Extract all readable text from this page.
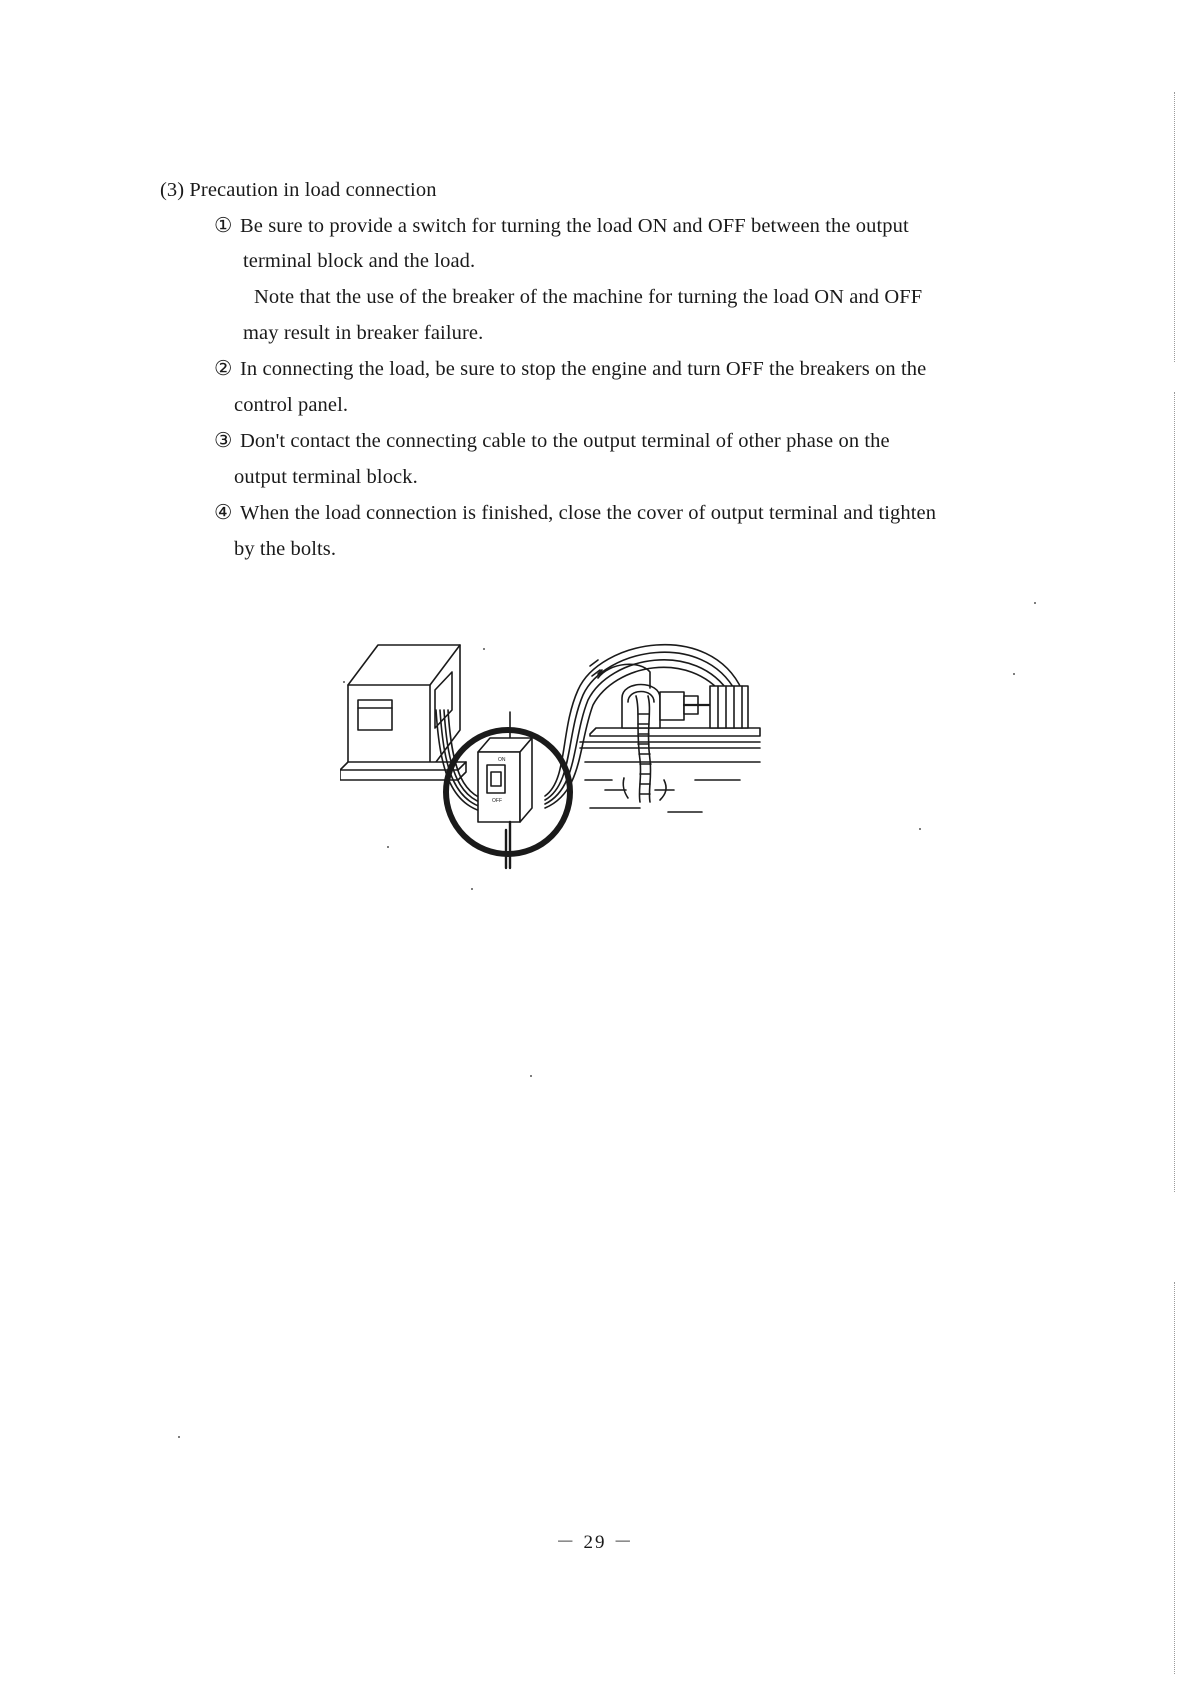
(3) Precaution in load connection
① Be sure to provide a switch for turning the load ON and OFF between the output
terminal block and the load.
Note that the use of the breaker of the machine for turning the load ON and OFF
may result in breaker failure.
② In connecting the load, be sure to stop the engine and turn OFF the breakers on the
control panel.
③ Don't contact the connecting cable to the output terminal of other phase on the
output terminal block.
④ When the load connection is finished, close the cover of output terminal and tighten
by the bolts.
ON
OFF
－ 29 －
